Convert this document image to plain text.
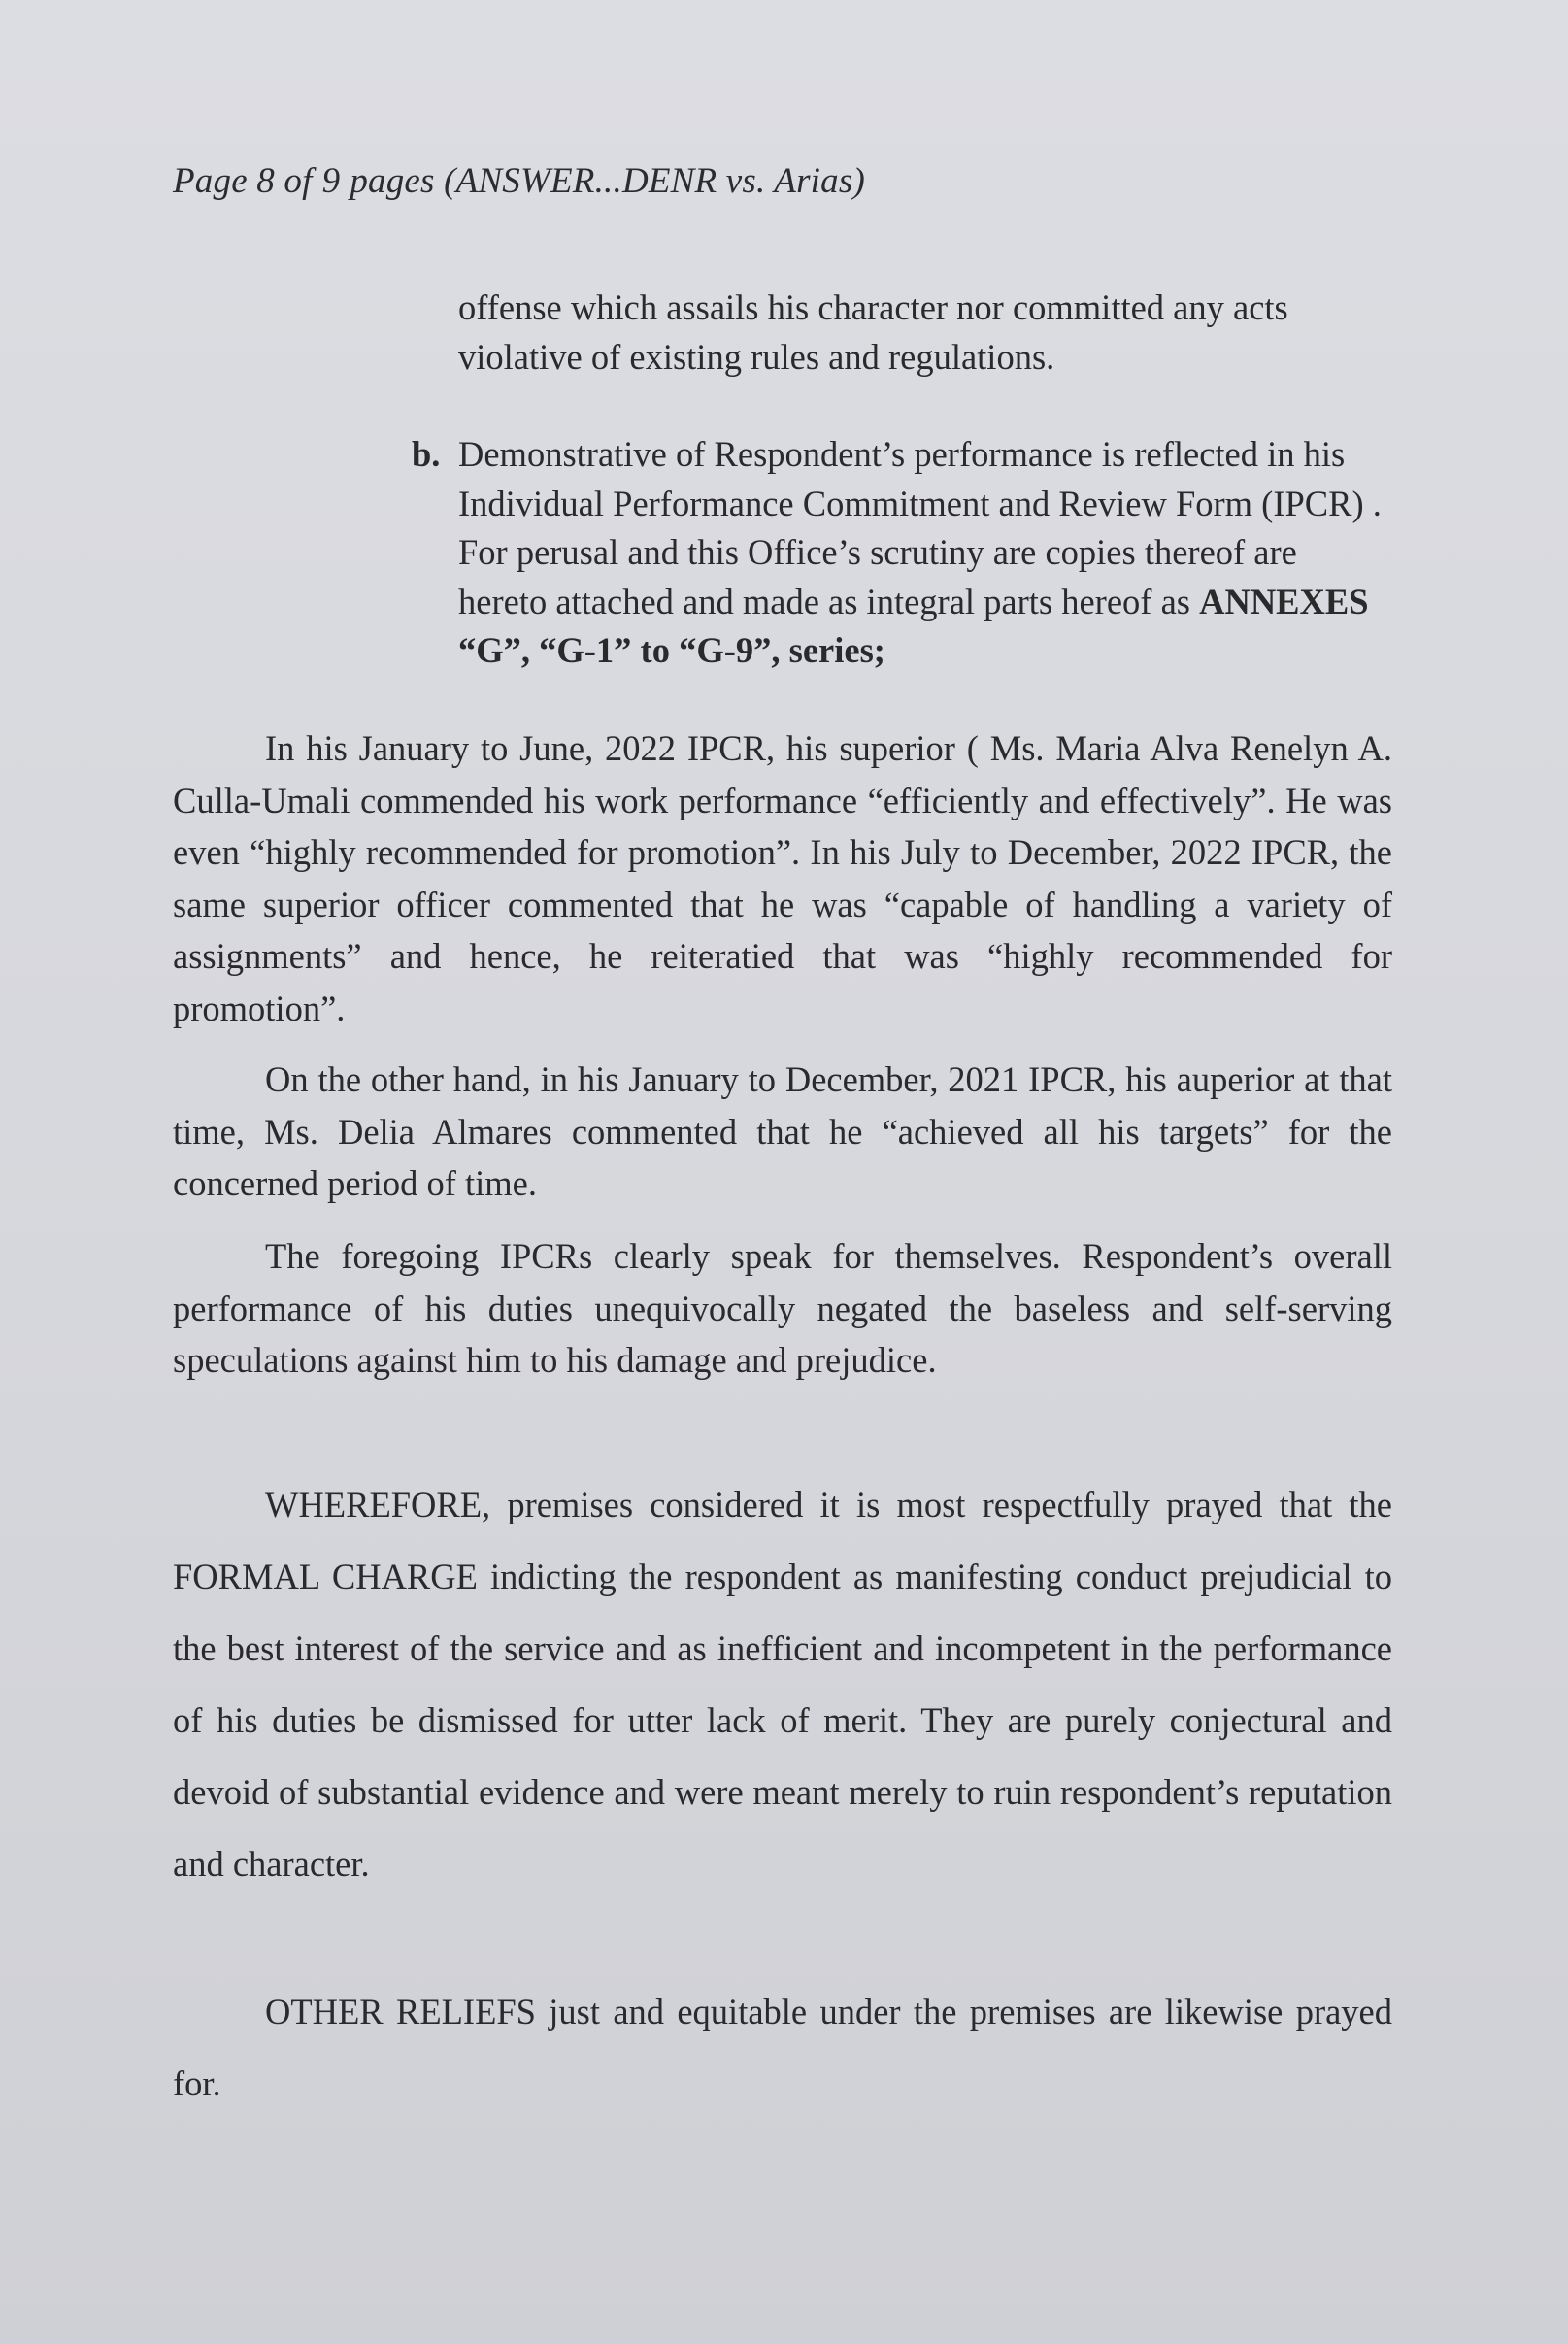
Page 8 of 9 pages (ANSWER...DENR vs. Arias)
offense which assails his character nor committed any acts violative of existing rules and regulations.
b. Demonstrative of Respondent’s performance is reflected in his Individual Performance Commitment and Review Form (IPCR) . For perusal and this Office’s scrutiny are copies thereof are hereto attached and made as integral parts hereof as ANNEXES “G”, “G-1” to “G-9”, series;

In his January to June, 2022 IPCR, his superior ( Ms. Maria Alva Renelyn A. Culla-Umali commended his work performance “efficiently and effectively”. He was even “highly recommended for promotion”. In his July to December, 2022 IPCR, the same superior officer commented that he was “capable of handling a variety of assignments” and hence, he reiteratied that was “highly recommended for promotion”.

On the other hand, in his January to December, 2021 IPCR, his auperior at that time, Ms. Delia Almares commented that he “achieved all his targets” for the concerned period of time.

The foregoing IPCRs clearly speak for themselves. Respondent’s overall performance of his duties unequivocally negated the baseless and self-serving speculations against him to his damage and prejudice.

WHEREFORE, premises considered it is most respectfully prayed that the FORMAL CHARGE indicting the respondent as manifesting conduct prejudicial to the best interest of the service and as inefficient and incompetent in the performance of his duties be dismissed for utter lack of merit. They are purely conjectural and devoid of substantial evidence and were meant merely to ruin respondent’s reputation and character.

OTHER RELIEFS just and equitable under the premises are likewise prayed for.
